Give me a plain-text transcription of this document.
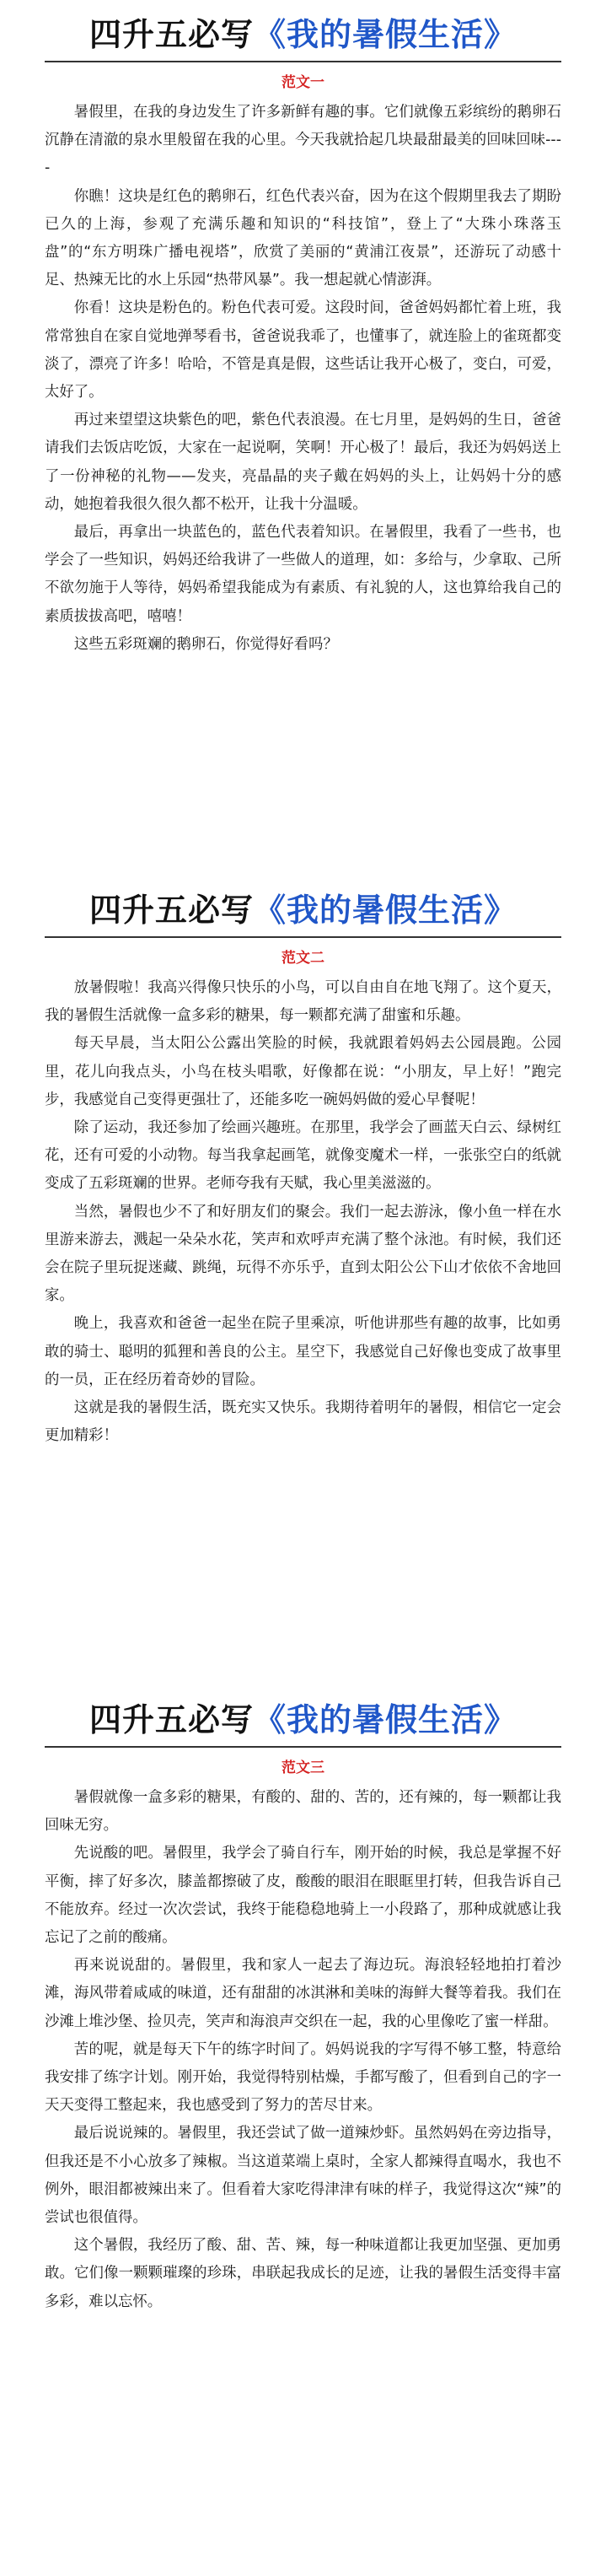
四升五必写《我的暑假生活》
范文一

暑假里，在我的身边发生了许多新鲜有趣的事。它们就像五彩缤纷的鹅卵石沉静在清澈的泉水里般留在我的心里。今天我就拾起几块最甜最美的回味回味----

你瞧！这块是红色的鹅卵石，红色代表兴奋，因为在这个假期里我去了期盼已久的上海，参观了充满乐趣和知识的“科技馆”，登上了“大珠小珠落玉盘”的“东方明珠广播电视塔”，欣赏了美丽的“黄浦江夜景”，还游玩了动感十足、热辣无比的水上乐园“热带风暴”。我一想起就心情澎湃。

你看！这块是粉色的。粉色代表可爱。这段时间，爸爸妈妈都忙着上班，我常常独自在家自觉地弹琴看书，爸爸说我乖了，也懂事了，就连脸上的雀斑都变淡了，漂亮了许多！哈哈，不管是真是假，这些话让我开心极了，变白，可爱，太好了。

再过来望望这块紫色的吧，紫色代表浪漫。在七月里，是妈妈的生日，爸爸请我们去饭店吃饭，大家在一起说啊，笑啊！开心极了！最后，我还为妈妈送上了一份神秘的礼物——发夹，亮晶晶的夹子戴在妈妈的头上，让妈妈十分的感动，她抱着我很久很久都不松开，让我十分温暖。

最后，再拿出一块蓝色的，蓝色代表着知识。在暑假里，我看了一些书，也学会了一些知识，妈妈还给我讲了一些做人的道理，如：多给与，少拿取、己所不欲勿施于人等待，妈妈希望我能成为有素质、有礼貌的人，这也算给我自己的素质拔拔高吧，嘻嘻！

这些五彩斑斓的鹅卵石，你觉得好看吗？

四升五必写《我的暑假生活》
范文二

放暑假啦！我高兴得像只快乐的小鸟，可以自由自在地飞翔了。这个夏天，我的暑假生活就像一盒多彩的糖果，每一颗都充满了甜蜜和乐趣。

每天早晨，当太阳公公露出笑脸的时候，我就跟着妈妈去公园晨跑。公园里，花儿向我点头，小鸟在枝头唱歌，好像都在说：“小朋友，早上好！”跑完步，我感觉自己变得更强壮了，还能多吃一碗妈妈做的爱心早餐呢！

除了运动，我还参加了绘画兴趣班。在那里，我学会了画蓝天白云、绿树红花，还有可爱的小动物。每当我拿起画笔，就像变魔术一样，一张张空白的纸就变成了五彩斑斓的世界。老师夸我有天赋，我心里美滋滋的。

当然，暑假也少不了和好朋友们的聚会。我们一起去游泳，像小鱼一样在水里游来游去，溅起一朵朵水花，笑声和欢呼声充满了整个泳池。有时候，我们还会在院子里玩捉迷藏、跳绳，玩得不亦乐乎，直到太阳公公下山才依依不舍地回家。

晚上，我喜欢和爸爸一起坐在院子里乘凉，听他讲那些有趣的故事，比如勇敢的骑士、聪明的狐狸和善良的公主。星空下，我感觉自己好像也变成了故事里的一员，正在经历着奇妙的冒险。

这就是我的暑假生活，既充实又快乐。我期待着明年的暑假，相信它一定会更加精彩！

四升五必写《我的暑假生活》
范文三

暑假就像一盒多彩的糖果，有酸的、甜的、苦的，还有辣的，每一颗都让我回味无穷。

先说酸的吧。暑假里，我学会了骑自行车，刚开始的时候，我总是掌握不好平衡，摔了好多次，膝盖都擦破了皮，酸酸的眼泪在眼眶里打转，但我告诉自己不能放弃。经过一次次尝试，我终于能稳稳地骑上一小段路了，那种成就感让我忘记了之前的酸痛。

再来说说甜的。暑假里，我和家人一起去了海边玩。海浪轻轻地拍打着沙滩，海风带着咸咸的味道，还有甜甜的冰淇淋和美味的海鲜大餐等着我。我们在沙滩上堆沙堡、捡贝壳，笑声和海浪声交织在一起，我的心里像吃了蜜一样甜。

苦的呢，就是每天下午的练字时间了。妈妈说我的字写得不够工整，特意给我安排了练字计划。刚开始，我觉得特别枯燥，手都写酸了，但看到自己的字一天天变得工整起来，我也感受到了努力的苦尽甘来。

最后说说辣的。暑假里，我还尝试了做一道辣炒虾。虽然妈妈在旁边指导，但我还是不小心放多了辣椒。当这道菜端上桌时，全家人都辣得直喝水，我也不例外，眼泪都被辣出来了。但看着大家吃得津津有味的样子，我觉得这次“辣”的尝试也很值得。

这个暑假，我经历了酸、甜、苦、辣，每一种味道都让我更加坚强、更加勇敢。它们像一颗颗璀璨的珍珠，串联起我成长的足迹，让我的暑假生活变得丰富多彩，难以忘怀。
